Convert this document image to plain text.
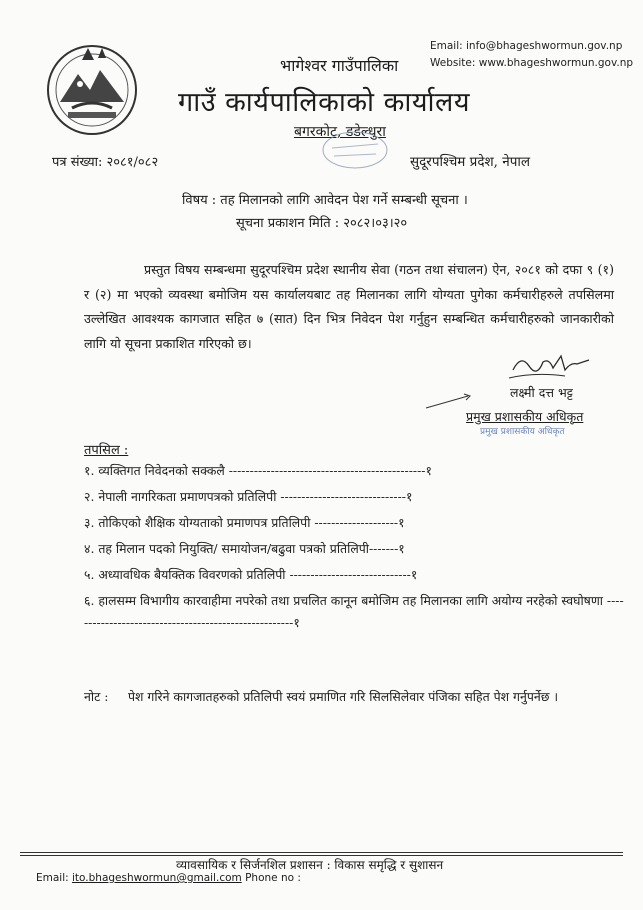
Email: info@bhageshwormun.gov.np
Website: www.bhageshwormun.gov.np
भागेश्वर गाउँपालिका
गाउँ कार्यपालिकाको कार्यालय
बगरकोट, डडेल्धुरा
पत्र संख्या: २०८१/०८२	सुदूरपश्चिम प्रदेश, नेपाल
विषय : तह मिलानको लागि आवेदन पेश गर्ने सम्बन्धी सूचना ।
सूचना प्रकाशन मिति : २०८२।०३।२०
प्रस्तुत विषय सम्बन्धमा सुदूरपश्चिम प्रदेश स्थानीय सेवा (गठन तथा संचालन) ऐन, २०८१ को दफा ९ (१) र (२) मा भएको व्यवस्था बमोजिम यस कार्यालयबाट तह मिलानका लागि योग्यता पुगेका कर्मचारीहरुले तपसिलमा उल्लेखित आवश्यक कागजात सहित ७ (सात) दिन भित्र निवेदन पेश गर्नुहुन सम्बन्धित कर्मचारीहरुको जानकारीको लागि यो सूचना प्रकाशित गरिएको छ।
लक्ष्मी दत्त भट्ट
प्रमुख प्रशासकीय अधिकृत
प्रमुख प्रशासकीय अधिकृत
तपसिल :
१. व्यक्तिगत निवेदनको सक्कलै -----------------------------------------------१
२. नेपाली नागरिकता प्रमाणपत्रको प्रतिलिपी ------------------------------१
३. तोकिएको शैक्षिक योग्यताको प्रमाणपत्र प्रतिलिपी --------------------१
४. तह मिलान पदको नियुक्ति/ समायोजन/बढुवा पत्रको प्रतिलिपी-------१
५. अध्यावधिक बैयक्तिक विवरणको प्रतिलिपी -----------------------------१
६. हालसम्म विभागीय कारवाहीमा नपरेको तथा प्रचलित कानून बमोजिम तह मिलानका लागि अयोग्य नरहेको स्वघोषणा ------------------------------------------------------१
नोट : पेश गरिने कागजातहरुको प्रतिलिपी स्वयं प्रमाणित गरि सिलसिलेवार पंजिका सहित पेश गर्नुपर्नेछ ।
व्यावसायिक र सिर्जनशिल प्रशासन : विकास समृद्धि र सुशासन
Email: ito.bhageshwormun@gmail.com Phone no :
